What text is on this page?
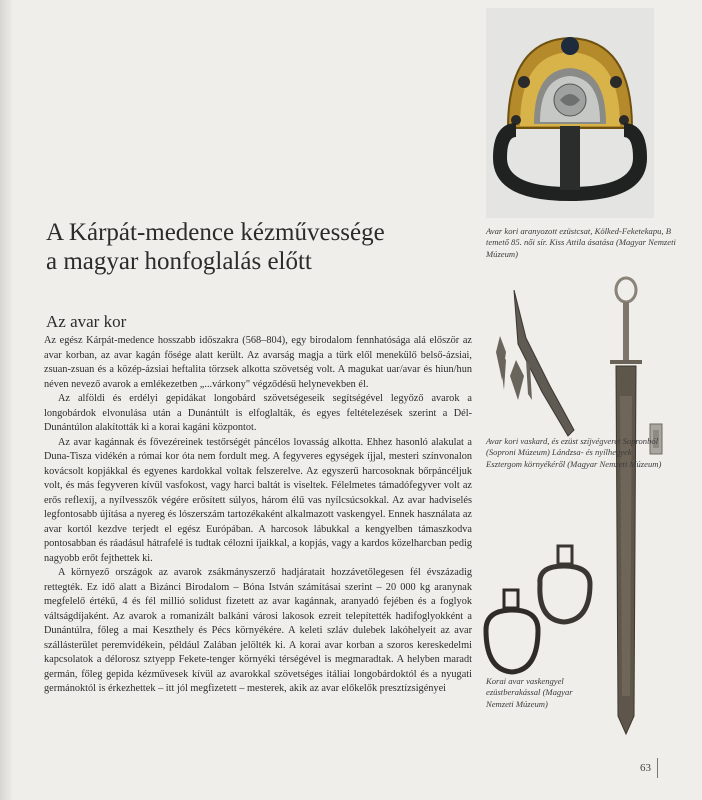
Avar kori aranyozott ezüstcsat, Kölked-Feketekapu, B temető 85. női sír. Kiss Attila ásatása (Magyar Nemzeti Múzeum)
A Kárpát-medence kézművessége
a magyar honfoglalás előtt
Az avar kor

Az egész Kárpát-medence hosszabb időszakra (568–804), egy birodalom fennhatósága alá először az avar korban, az avar kagán fősége alatt került. Az avarság magja a türk elől menekülő belső-ázsiai, zsuan-zsuan és a közép-ázsiai heftalita törzsek alkotta szövetség volt. A magukat uar/avar és hiun/hun néven nevező avarok a emlékezetben „...várkony" végződésű helynevekben él.

Az alföldi és erdélyi gepidákat longobárd szövetségeseik segítségével legyőző avarok a longobárdok elvonulása után a Dunántúlt is elfoglalták, és egyes feltételezések szerint a Dél-Dunántúlon alakították ki a korai kagáni központot.

Az avar kagánnak és fővezéreinek testőrségét páncélos lovasság alkotta. Ehhez hasonló alakulat a Duna-Tisza vidékén a római kor óta nem fordult meg. A fegyveres egységek íjjal, mesteri színvonalon kovácsolt kopjákkal és egyenes kardokkal voltak felszerelve. Az egyszerű harcosoknak bőrpáncéljuk volt, és más fegyveren kívül vasfokost, vagy harci baltát is viseltek. Félelmetes támadófegyver volt az erős reflexíj, a nyílvesszők végére erősített súlyos, három élű vas nyílcsúcsokkal. Az avar hadviselés legfontosabb újítása a nyereg és lószerszám tartozékaként alkalmazott vaskengyel. Ennek használata az avar kortól kezdve terjedt el egész Európában. A harcosok lábukkal a kengyelben támaszkodva pontosabban és ráadásul hátrafelé is tudtak célozni íjaikkal, a kopjás, vagy a kardos közelharcban pedig nagyobb erőt fejthettek ki.

A környező országok az avarok zsákmányszerző hadjáratait hozzávetőlegesen fél évszázadig rettegték. Ez idő alatt a Bizánci Birodalom – Bóna István számításai szerint – 20 000 kg aranynak megfelelő értékű, 4 és fél millió solidust fizetett az avar kagánnak, aranyadó fejében és a foglyok váltságdíjaként. Az avarok a romanizált balkáni városi lakosok ezreit telepítették hadifoglyokként a Dunántúlra, főleg a mai Keszthely és Pécs környékére. A keleti szláv dulebek lakóhelyeit az avar szállásterület peremvidékein, például Zalában jelölték ki. A korai avar korban a szoros kereskedelmi kapcsolatok a délorosz sztyepp Fekete-tenger környéki térségével is megmaradtak. A helyben maradt germán, főleg gepida kézművesek kívül az avarokkal szövetséges itáliai longobárdoktól és a nyugati germánoktól is érkezhettek – itt jól megfizetett – mesterek, akik az avar előkelők presztízsigényei

Avar kori vaskard, és ezüst szíjvégveret Sopronból (Soproni Múzeum) Lándzsa- és nyílhegyek Esztergom környékéről (Magyar Nemzeti Múzeum)
Korai avar vaskengyel ezüstberakással (Magyar Nemzeti Múzeum)
63
